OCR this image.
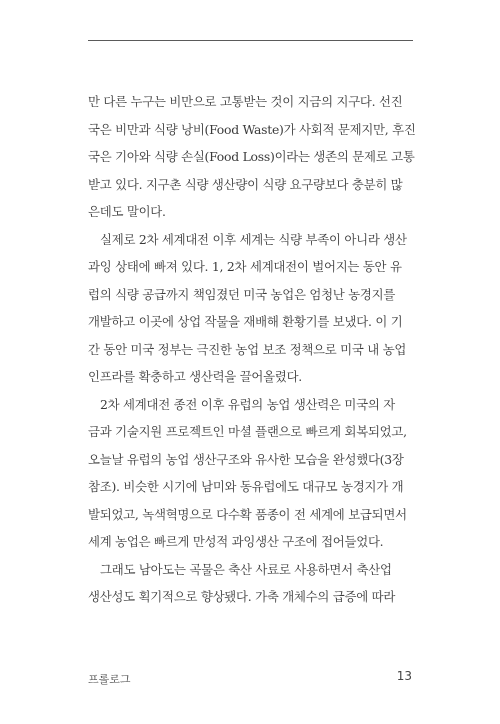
만 다른 누구는 비만으로 고통받는 것이 지금의 지구다. 선진
국은 비만과 식량 낭비(Food Waste)가 사회적 문제지만, 후진
국은 기아와 식량 손실(Food Loss)이라는 생존의 문제로 고통
받고 있다. 지구촌 식량 생산량이 식량 요구량보다 충분히 많
은데도 말이다.

실제로 2차 세계대전 이후 세계는 식량 부족이 아니라 생산
과잉 상태에 빠져 있다. 1, 2차 세계대전이 벌어지는 동안 유
럽의 식량 공급까지 책임졌던 미국 농업은 엄청난 농경지를
개발하고 이곳에 상업 작물을 재배해 환황기를 보냈다. 이 기
간 동안 미국 정부는 극진한 농업 보조 정책으로 미국 내 농업
인프라를 확충하고 생산력을 끌어올렸다.

2차 세계대전 종전 이후 유럽의 농업 생산력은 미국의 자
금과 기술지원 프로젝트인 마셜 플랜으로 빠르게 회복되었고,
오늘날 유럽의 농업 생산구조와 유사한 모습을 완성했다(3장
참조). 비슷한 시기에 남미와 동유럽에도 대규모 농경지가 개
발되었고, 녹색혁명으로 다수확 품종이 전 세계에 보급되면서
세계 농업은 빠르게 만성적 과잉생산 구조에 접어들었다.

그래도 남아도는 곡물은 축산 사료로 사용하면서 축산업
생산성도 획기적으로 향상됐다. 가축 개체수의 급증에 따라

프롤로그	13
